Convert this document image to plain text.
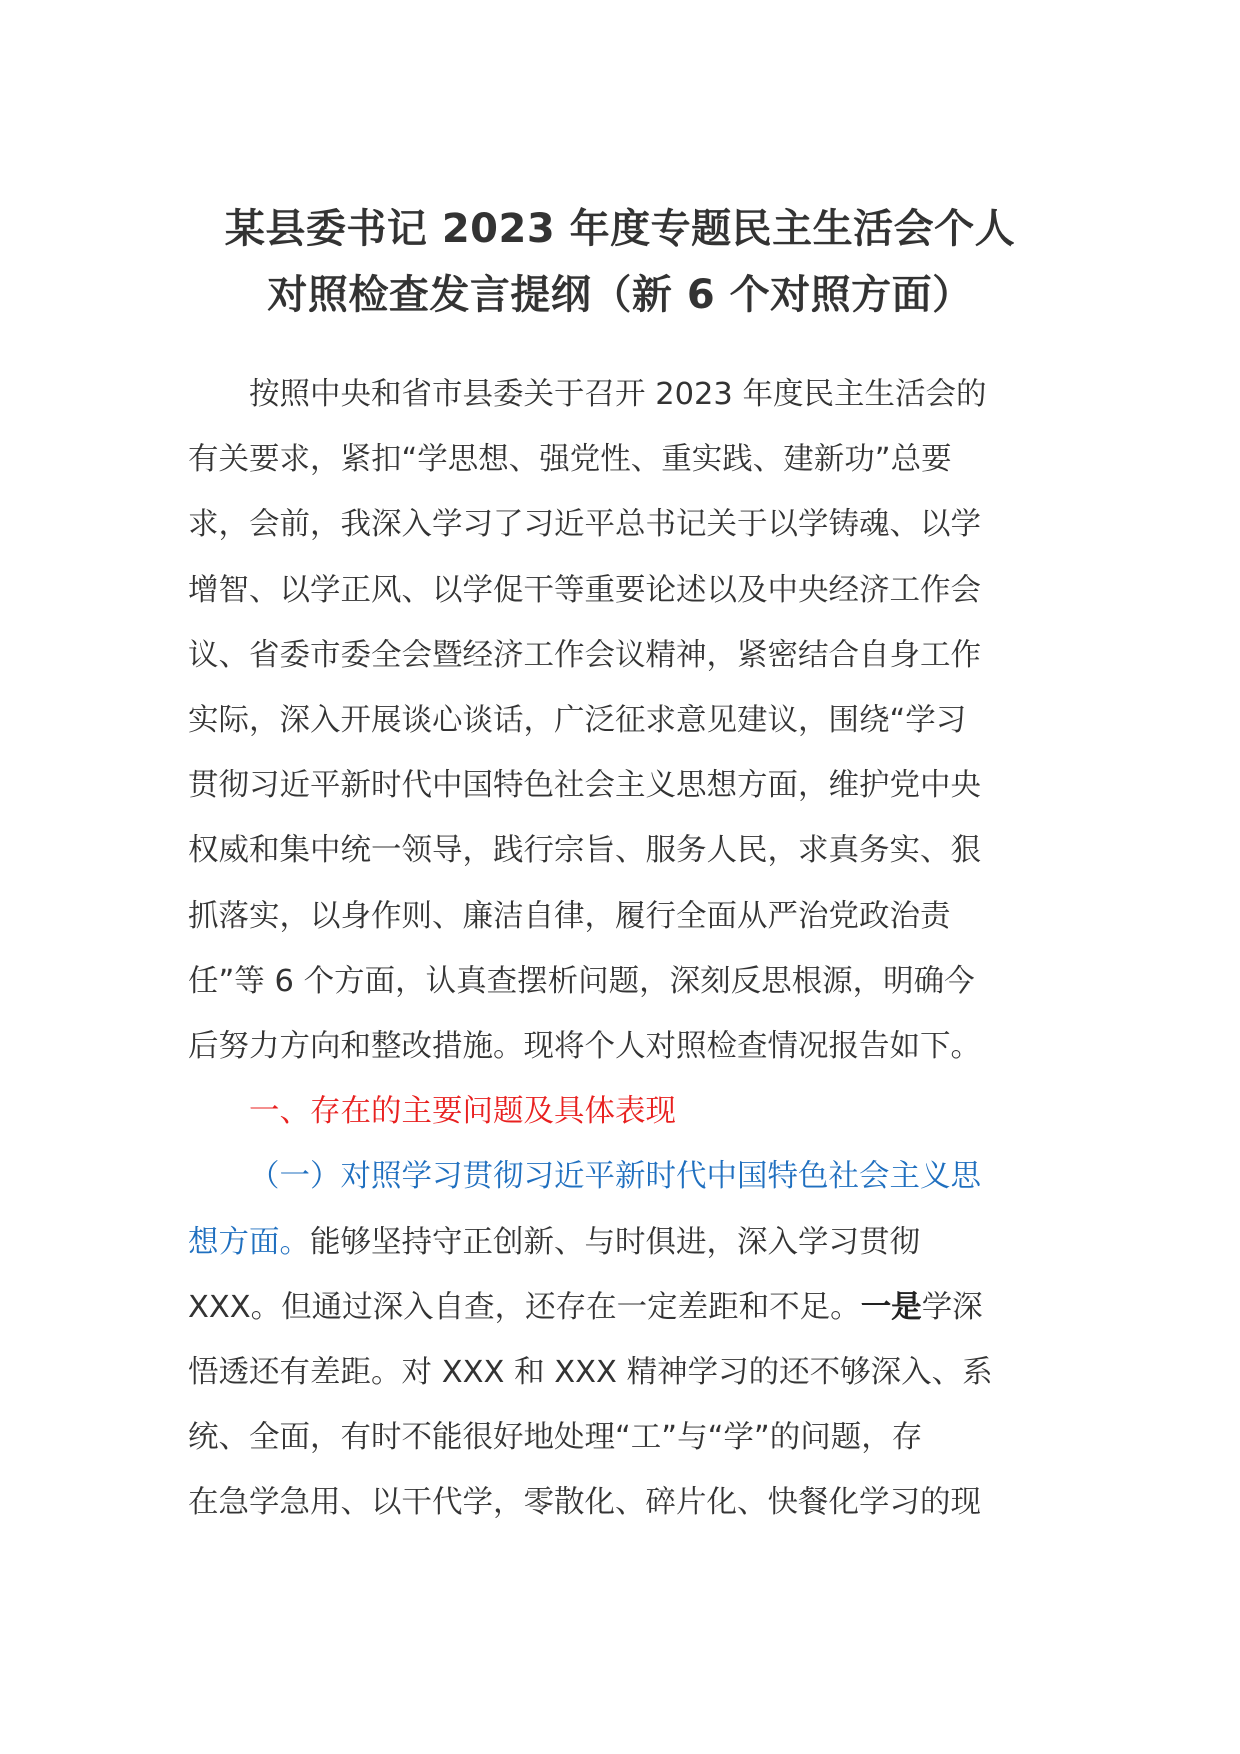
某县委书记 2023 年度专题民主生活会个人
对照检查发言提纲（新 6 个对照方面）
按照中央和省市县委关于召开 2023 年度民主生活会的
有关要求，紧扣“学思想、强党性、重实践、建新功”总要
求，会前，我深入学习了习近平总书记关于以学铸魂、以学
增智、以学正风、以学促干等重要论述以及中央经济工作会
议、省委市委全会暨经济工作会议精神，紧密结合自身工作
实际，深入开展谈心谈话，广泛征求意见建议，围绕“学习
贯彻习近平新时代中国特色社会主义思想方面，维护党中央
权威和集中统一领导，践行宗旨、服务人民，求真务实、狠
抓落实，以身作则、廉洁自律，履行全面从严治党政治责
任”等 6 个方面，认真查摆析问题，深刻反思根源，明确今
后努力方向和整改措施。现将个人对照检查情况报告如下。
一、存在的主要问题及具体表现
（一）对照学习贯彻习近平新时代中国特色社会主义思
想方面。能够坚持守正创新、与时俱进，深入学习贯彻
XXX。但通过深入自查，还存在一定差距和不足。一是学深
悟透还有差距。对 XXX 和 XXX 精神学习的还不够深入、系
统、全面，有时不能很好地处理“工”与“学”的问题，存
在急学急用、以干代学，零散化、碎片化、快餐化学习的现
